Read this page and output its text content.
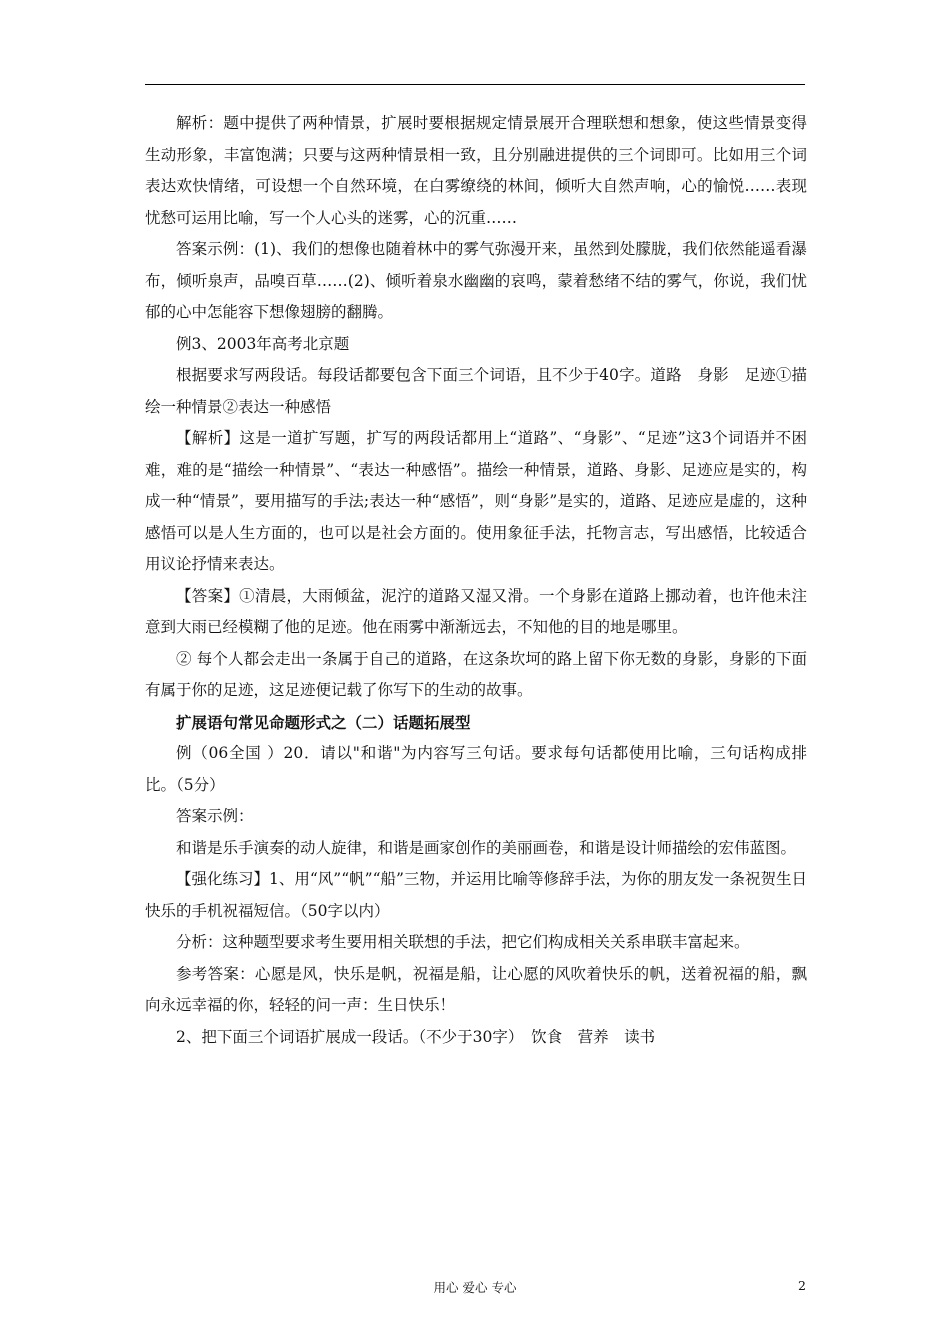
解析：题中提供了两种情景，扩展时要根据规定情景展开合理联想和想象，使这些情景变得生动形象，丰富饱满；只要与这两种情景相一致，且分别融进提供的三个词即可。比如用三个词表达欢快情绪，可设想一个自然环境，在白雾缭绕的林间，倾听大自然声响，心的愉悦……表现忧愁可运用比喻，写一个人心头的迷雾，心的沉重……

答案示例：(1)、我们的想像也随着林中的雾气弥漫开来，虽然到处朦胧，我们依然能遥看瀑布，倾听泉声，品嗅百草……(2)、倾听着泉水幽幽的哀鸣，蒙着愁绪不结的雾气，你说，我们忧郁的心中怎能容下想像翅膀的翻腾。

例3、2003年高考北京题

根据要求写两段话。每段话都要包含下面三个词语，且不少于40字。道路　身影　足迹①描绘一种情景②表达一种感悟

【解析】这是一道扩写题，扩写的两段话都用上“道路”、“身影”、“足迹”这3个词语并不困难，难的是“描绘一种情景”、“表达一种感悟”。描绘一种情景，道路、身影、足迹应是实的，构成一种“情景”，要用描写的手法;表达一种“感悟”，则“身影”是实的，道路、足迹应是虚的，这种感悟可以是人生方面的，也可以是社会方面的。使用象征手法，托物言志，写出感悟，比较适合用议论抒情来表达。

【答案】①清晨，大雨倾盆，泥泞的道路又湿又滑。一个身影在道路上挪动着，也许他未注意到大雨已经模糊了他的足迹。他在雨雾中渐渐远去，不知他的目的地是哪里。

② 每个人都会走出一条属于自己的道路，在这条坎坷的路上留下你无数的身影，身影的下面有属于你的足迹，这足迹便记载了你写下的生动的故事。

扩展语句常见命题形式之（二）话题拓展型

例（06全国 ）20．请以"和谐"为内容写三句话。要求每句话都使用比喻，三句话构成排比。（5分）

答案示例：

和谐是乐手演奏的动人旋律，和谐是画家创作的美丽画卷，和谐是设计师描绘的宏伟蓝图。

【强化练习】1、用“风”“帆”“船”三物，并运用比喻等修辞手法，为你的朋友发一条祝贺生日快乐的手机祝福短信。（50字以内）

分析：这种题型要求考生要用相关联想的手法，把它们构成相关关系串联丰富起来。

参考答案：心愿是风，快乐是帆，祝福是船，让心愿的风吹着快乐的帆，送着祝福的船，飘向永远幸福的你，轻轻的问一声：生日快乐！

2、把下面三个词语扩展成一段话。（不少于30字）　饮食　营养　读书

用心 爱心 专心	2
